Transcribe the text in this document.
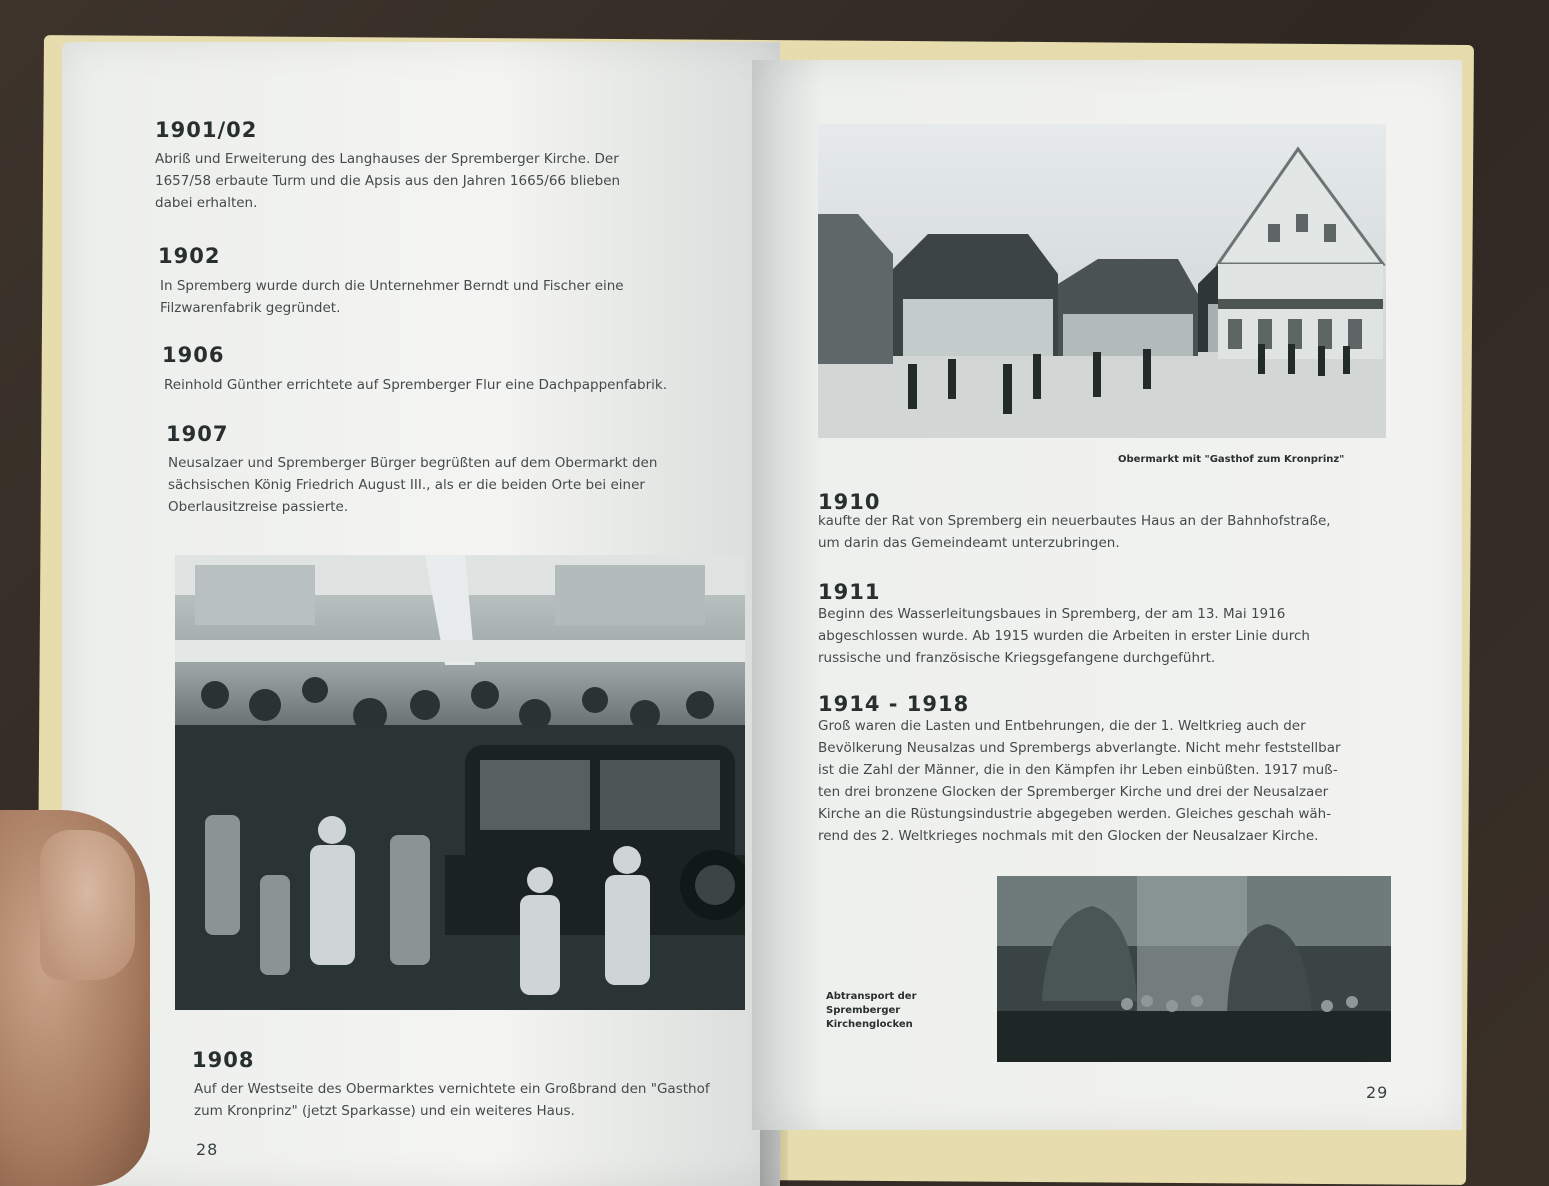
1901/02
Abriß und Erweiterung des Langhauses der Spremberger Kirche. Der
1657/58 erbaute Turm und die Apsis aus den Jahren 1665/66 blieben
dabei erhalten.
1902
In Spremberg wurde durch die Unternehmer Berndt und Fischer eine
Filzwarenfabrik gegründet.
1906
Reinhold Günther errichtete auf Spremberger Flur eine Dachpappenfabrik.
1907
Neusalzaer und Spremberger Bürger begrüßten auf dem Obermarkt den
sächsischen König Friedrich August III., als er die beiden Orte bei einer
Oberlausitzreise passierte.
1908
Auf der Westseite des Obermarktes vernichtete ein Großbrand den "Gasthof
zum Kronprinz" (jetzt Sparkasse) und ein weiteres Haus.
28
Obermarkt mit "Gasthof zum Kronprinz"
1910
kaufte der Rat von Spremberg ein neuerbautes Haus an der Bahnhofstraße,
um darin das Gemeindeamt unterzubringen.
1911
Beginn des Wasserleitungsbaues in Spremberg, der am 13. Mai 1916
abgeschlossen wurde. Ab 1915 wurden die Arbeiten in erster Linie durch
russische und französische Kriegsgefangene durchgeführt.
1914 - 1918
Groß waren die Lasten und Entbehrungen, die der 1. Weltkrieg auch der
Bevölkerung Neusalzas und Sprembergs abverlangte. Nicht mehr feststellbar
ist die Zahl der Männer, die in den Kämpfen ihr Leben einbüßten. 1917 muß-
ten drei bronzene Glocken der Spremberger Kirche und drei der Neusalzaer
Kirche an die Rüstungsindustrie abgegeben werden. Gleiches geschah wäh-
rend des 2. Weltkrieges nochmals mit den Glocken der Neusalzaer Kirche.
Abtransport der
Spremberger
Kirchenglocken
29
